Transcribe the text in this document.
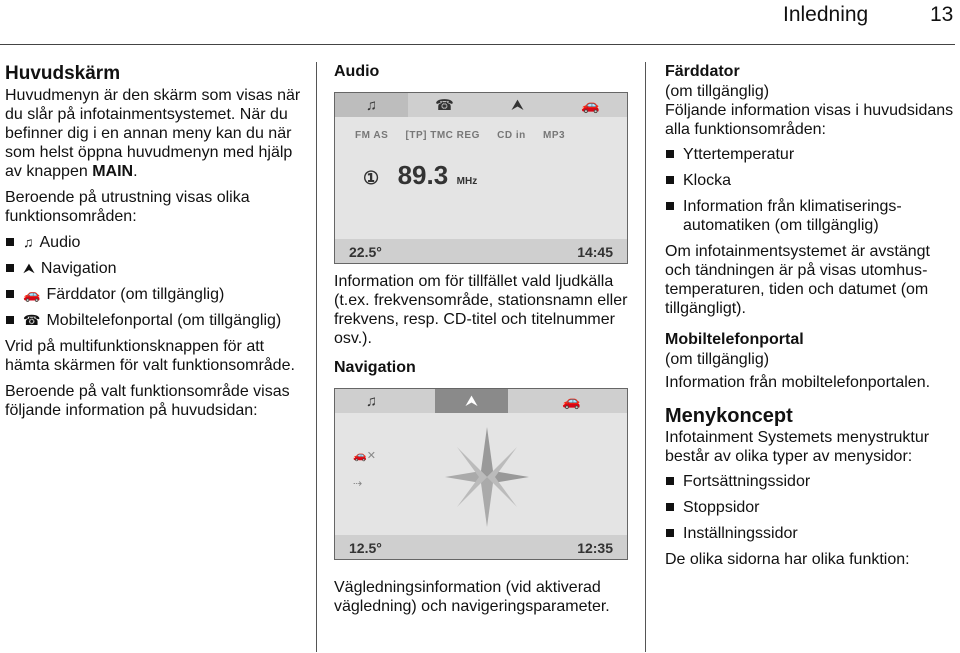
Inledning	13

Huvudskärm

Huvudmenyn är den skärm som visas när du slår på infotainmentsystemet. När du befinner dig i en annan meny kan du när som helst öppna huvudmenyn med hjälp av knappen MAIN.

Beroende på utrustning visas olika funktionsområden:

♫ Audio
⮝ Navigation
🚗 Färddator (om tillgänglig)
☎ Mobiltelefonportal (om tillgänglig)

Vrid på multifunktionsknappen för att hämta skärmen för valt funktionsområde.

Beroende på valt funktionsområde visas följande information på huvudsidan:

Audio

♫	☎	⮝	🚗
FM AS [TP] TMC REG CD in MP3
① 89.3 MHz
22.5°	14:45

Information om för tillfället vald ljudkälla (t.ex. frekvensområde, stationsnamn eller frekvens, resp. CD-titel och titelnummer osv.).

Navigation

♫	⮝	🚗
🚗✕
⇢
12.5°	12:35

Vägledningsinformation (vid aktiverad vägledning) och navigeringsparameter.

Färddator

(om tillgänglig)

Följande information visas i huvudsidans alla funktionsområden:

Yttertemperatur
Klocka
Information från klimatiseringsautomatiken (om tillgänglig)

Om infotainmentsystemet är avstängt och tändningen är på visas utomhustemperaturen, tiden och datumet (om tillgängligt).

Mobiltelefonportal

(om tillgänglig)

Information från mobiltelefonportalen.

Menykoncept

Infotainment Systemets menystruktur består av olika typer av menysidor:

Fortsättningssidor
Stoppsidor
Inställningssidor

De olika sidorna har olika funktion:
